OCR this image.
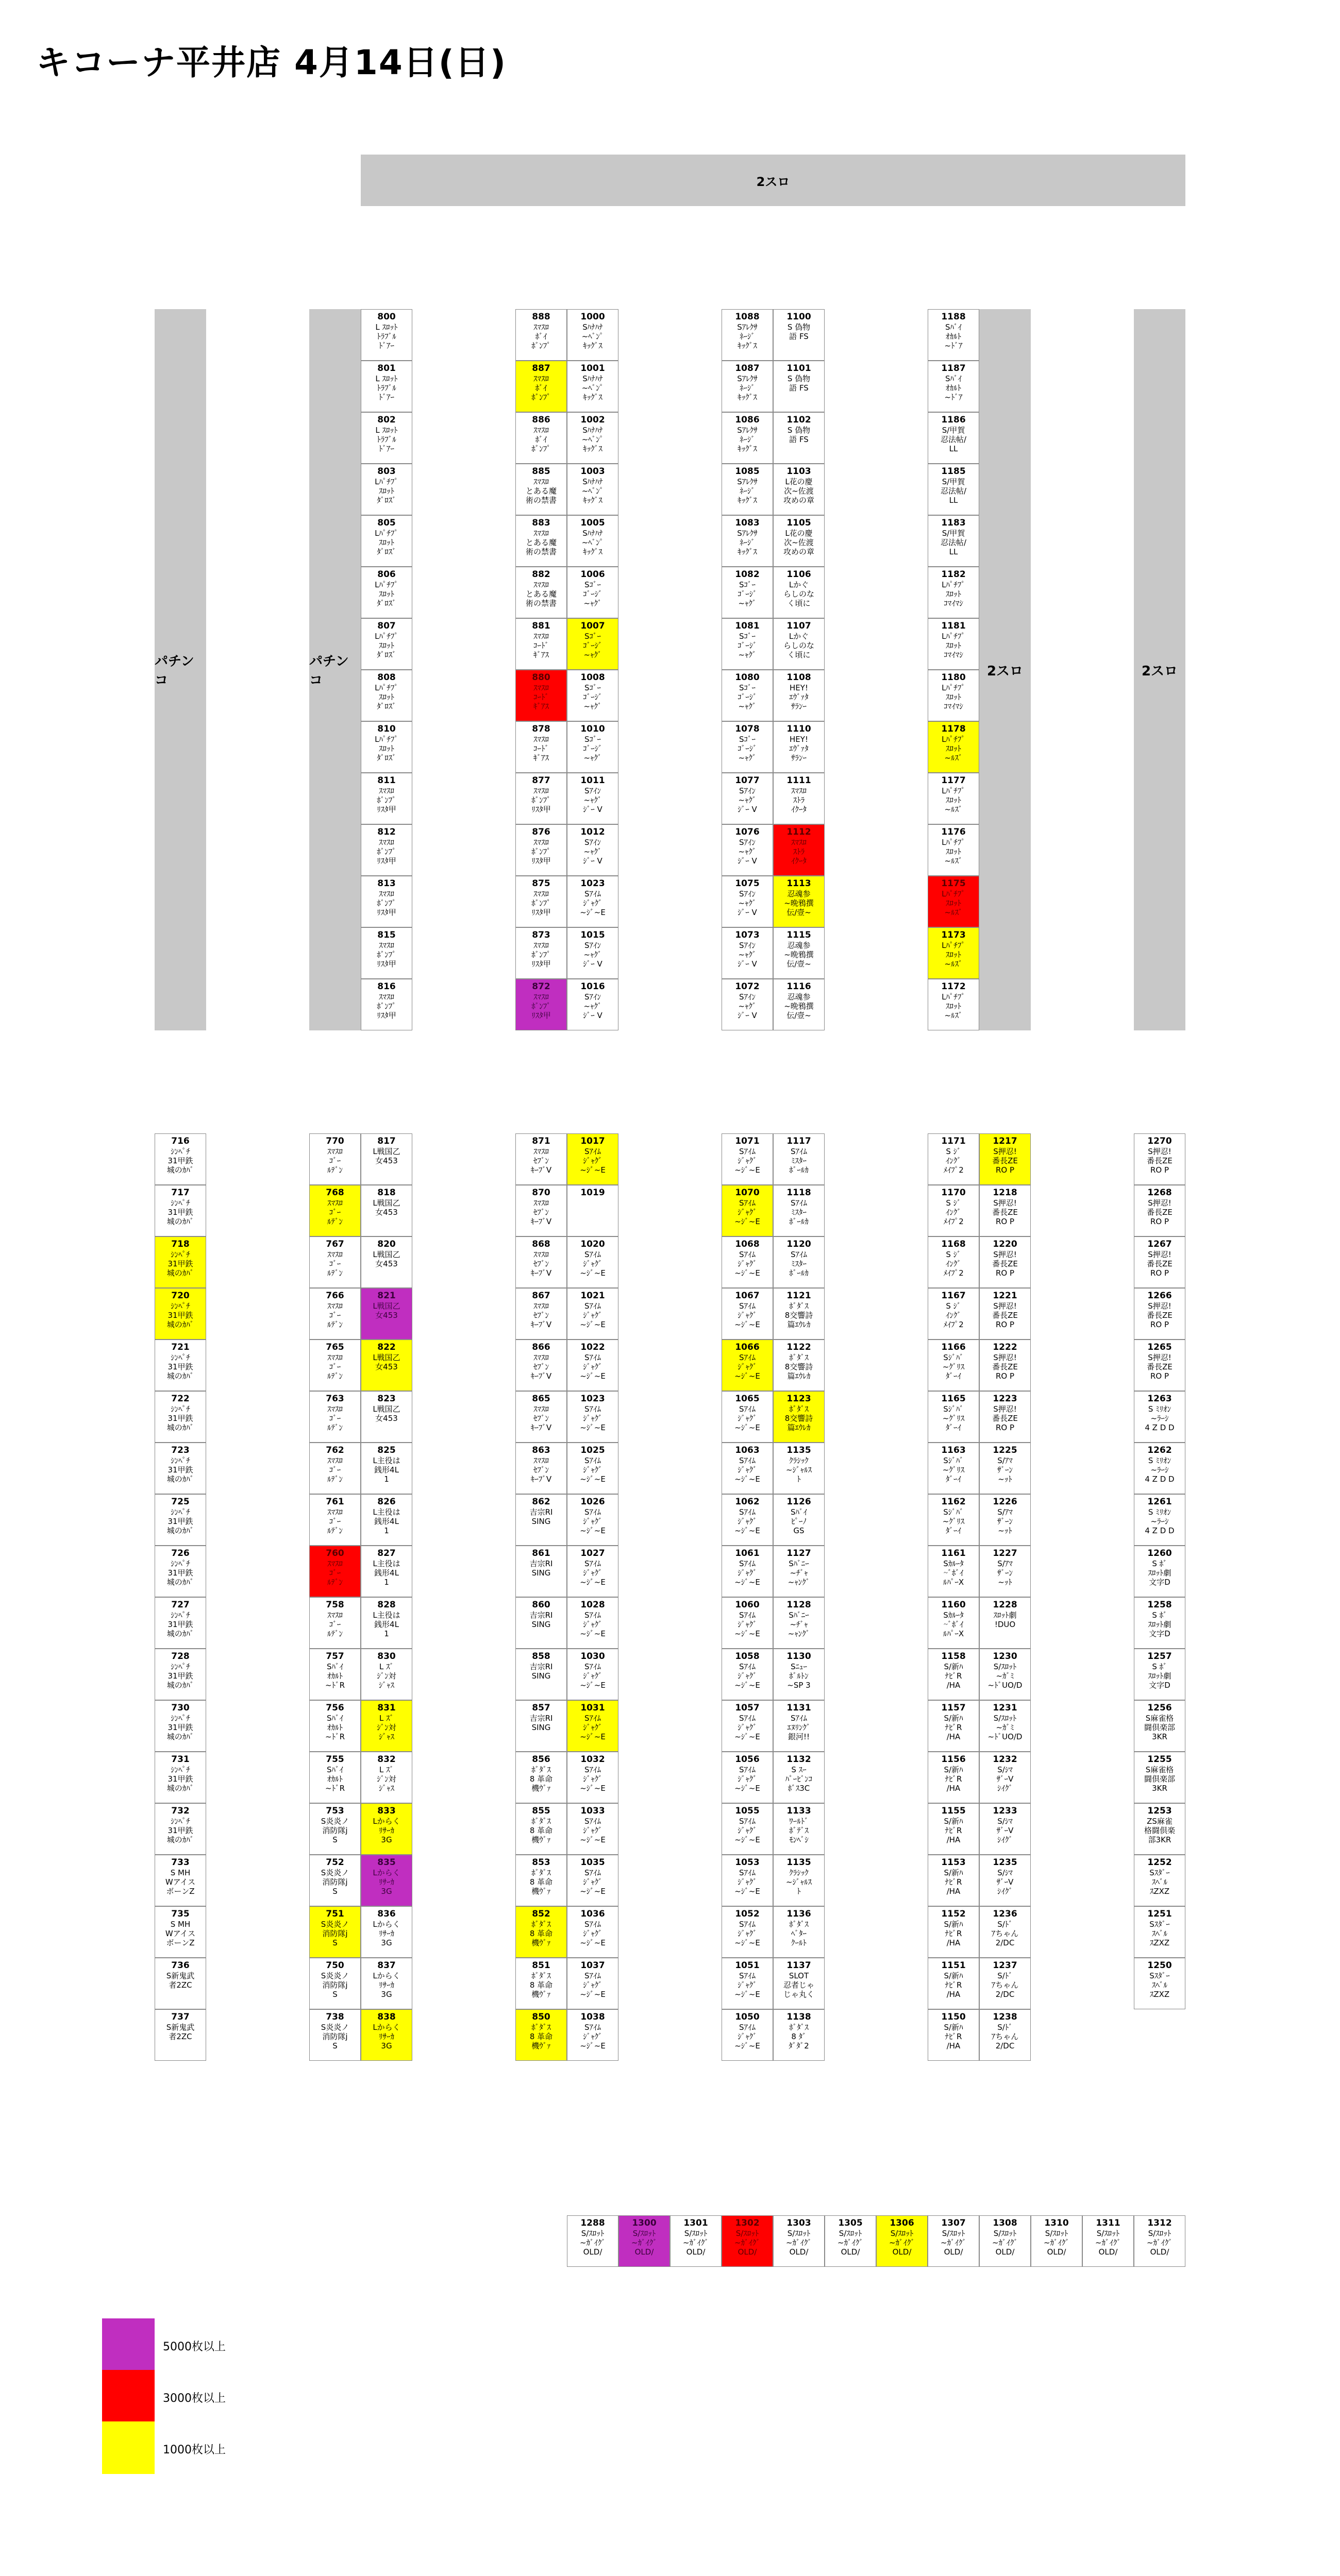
キコーナ平井店 4月14日(日)
2スロ
パチンコ
パチンコ
2スロ	2スロ
716
ｼﾝﾍﾟﾁ
31甲鉄
城のｶﾊﾞ
717
ｼﾝﾍﾟﾁ
31甲鉄
城のｶﾊﾞ
718
ｼﾝﾍﾟﾁ
31甲鉄
城のｶﾊﾞ
720
ｼﾝﾍﾟﾁ
31甲鉄
城のｶﾊﾞ
721
ｼﾝﾍﾟﾁ
31甲鉄
城のｶﾊﾞ
722
ｼﾝﾍﾟﾁ
31甲鉄
城のｶﾊﾞ
723
ｼﾝﾍﾟﾁ
31甲鉄
城のｶﾊﾞ
725
ｼﾝﾍﾟﾁ
31甲鉄
城のｶﾊﾞ
726
ｼﾝﾍﾟﾁ
31甲鉄
城のｶﾊﾞ
727
ｼﾝﾍﾟﾁ
31甲鉄
城のｶﾊﾞ
728
ｼﾝﾍﾟﾁ
31甲鉄
城のｶﾊﾞ
730
ｼﾝﾍﾟﾁ
31甲鉄
城のｶﾊﾞ
731
ｼﾝﾍﾟﾁ
31甲鉄
城のｶﾊﾞ
732
ｼﾝﾍﾟﾁ
31甲鉄
城のｶﾊﾞ
733
S MH
Wアイス
ボーンZ
735
S MH
Wアイス
ボーンZ
736
S新鬼武
者2ZC
737
S新鬼武
者2ZC
800
L ｽﾛｯﾄ
ﾄﾗﾌﾞﾙ
ﾄﾞｱｰ
801
L ｽﾛｯﾄ
ﾄﾗﾌﾞﾙ
ﾄﾞｱｰ
802
L ｽﾛｯﾄ
ﾄﾗﾌﾞﾙ
ﾄﾞｱｰ
803
Lﾊﾟﾁﾌﾟ
ｽﾛｯﾄ
ﾀﾞﾛｽﾞ
805
Lﾊﾟﾁﾌﾟ
ｽﾛｯﾄ
ﾀﾞﾛｽﾞ
806
Lﾊﾟﾁﾌﾟ
ｽﾛｯﾄ
ﾀﾞﾛｽﾞ
807
Lﾊﾟﾁﾌﾟ
ｽﾛｯﾄ
ﾀﾞﾛｽﾞ
808
Lﾊﾟﾁﾌﾟ
ｽﾛｯﾄ
ﾀﾞﾛｽﾞ
810
Lﾊﾟﾁﾌﾟ
ｽﾛｯﾄ
ﾀﾞﾛｽﾞ
811
ｽﾏｽﾛ
ﾎﾞﾝﾌﾟ
ﾘｽﾀ甲
812
ｽﾏｽﾛ
ﾎﾞﾝﾌﾟ
ﾘｽﾀ甲
813
ｽﾏｽﾛ
ﾎﾞﾝﾌﾟ
ﾘｽﾀ甲
815
ｽﾏｽﾛ
ﾎﾞﾝﾌﾟ
ﾘｽﾀ甲
816
ｽﾏｽﾛ
ﾎﾞﾝﾌﾟ
ﾘｽﾀ甲
770
ｽﾏｽﾛ
ｺﾞｰ
ﾙﾃﾞﾝ
768
ｽﾏｽﾛ
ｺﾞｰ
ﾙﾃﾞﾝ
767
ｽﾏｽﾛ
ｺﾞｰ
ﾙﾃﾞﾝ
766
ｽﾏｽﾛ
ｺﾞｰ
ﾙﾃﾞﾝ
765
ｽﾏｽﾛ
ｺﾞｰ
ﾙﾃﾞﾝ
763
ｽﾏｽﾛ
ｺﾞｰ
ﾙﾃﾞﾝ
762
ｽﾏｽﾛ
ｺﾞｰ
ﾙﾃﾞﾝ
761
ｽﾏｽﾛ
ｺﾞｰ
ﾙﾃﾞﾝ
760
ｽﾏｽﾛ
ｺﾞｰ
ﾙﾃﾞﾝ
758
ｽﾏｽﾛ
ｺﾞｰ
ﾙﾃﾞﾝ
757
Sﾊﾞｲ
ｵｶﾙﾄ
~ﾄﾞR
756
Sﾊﾞｲ
ｵｶﾙﾄ
~ﾄﾞR
755
Sﾊﾞｲ
ｵｶﾙﾄ
~ﾄﾞR
753
S炎炎ノ
消防隊j
S
752
S炎炎ノ
消防隊j
S
751
S炎炎ノ
消防隊j
S
750
S炎炎ノ
消防隊j
S
738
S炎炎ノ
消防隊j
S
817
L戦国乙
女453
818
L戦国乙
女453
820
L戦国乙
女453
821
L戦国乙
女453
822
L戦国乙
女453
823
L戦国乙
女453
825
L主役は
銭形4L
1
826
L主役は
銭形4L
1
827
L主役は
銭形4L
1
828
L主役は
銭形4L
1
830
L ｽﾞ
ｼﾞﾝ対
ｼﾞｬｽ
831
L ｽﾞ
ｼﾞﾝ対
ｼﾞｬｽ
832
L ｽﾞ
ｼﾞﾝ対
ｼﾞｬｽ
833
Lからく
ﾘｻｰｶ
3G
835
Lからく
ﾘｻｰｶ
3G
836
Lからく
ﾘｻｰｶ
3G
837
Lからく
ﾘｻｰｶ
3G
838
Lからく
ﾘｻｰｶ
3G
888
ｽﾏｽﾛ
ﾎﾞｲ
ﾎﾞﾝﾌﾟ
887
ｽﾏｽﾛ
ﾎﾞｲ
ﾎﾞﾝﾌﾟ
886
ｽﾏｽﾛ
ﾎﾞｲ
ﾎﾞﾝﾌﾟ
885
ｽﾏｽﾛ
とある魔
術の禁書
883
ｽﾏｽﾛ
とある魔
術の禁書
882
ｽﾏｽﾛ
とある魔
術の禁書
881
ｽﾏｽﾛ
ｺｰﾄﾞ
ｷﾞｱｽ
880
ｽﾏｽﾛ
ｺｰﾄﾞ
ｷﾞｱｽ
878
ｽﾏｽﾛ
ｺｰﾄﾞ
ｷﾞｱｽ
877
ｽﾏｽﾛ
ﾎﾞﾝﾌﾟ
ﾘｽﾀ甲
876
ｽﾏｽﾛ
ﾎﾞﾝﾌﾟ
ﾘｽﾀ甲
875
ｽﾏｽﾛ
ﾎﾞﾝﾌﾟ
ﾘｽﾀ甲
873
ｽﾏｽﾛ
ﾎﾞﾝﾌﾟ
ﾘｽﾀ甲
872
ｽﾏｽﾛ
ﾎﾞﾝﾌﾟ
ﾘｽﾀ甲
1000
Sﾊﾅﾊﾅ
~ﾍﾞﾝﾟ
ｷｯｸﾞｽ
1001
Sﾊﾅﾊﾅ
~ﾍﾞﾝﾟ
ｷｯｸﾞｽ
1002
Sﾊﾅﾊﾅ
~ﾍﾞﾝﾟ
ｷｯｸﾞｽ
1003
Sﾊﾅﾊﾅ
~ﾍﾞﾝﾟ
ｷｯｸﾞｽ
1005
Sﾊﾅﾊﾅ
~ﾍﾞﾝﾟ
ｷｯｸﾞｽ
1006
Sｺﾞｰ
ｺﾞｰｼﾞ
~ｬｸﾞ
1007
Sｺﾞｰ
ｺﾞｰｼﾞ
~ｬｸﾞ
1008
Sｺﾞｰ
ｺﾞｰｼﾞ
~ｬｸﾞ
1010
Sｺﾞｰ
ｺﾞｰｼﾞ
~ｬｸﾞ
1011
Sｱｲﾝ
~ｬｸﾞ
ｼﾞｰ V
1012
Sｱｲﾝ
~ｬｸﾞ
ｼﾞｰ V
1023
Sｱｲﾑ
ｼﾞｬｸﾞ
~ｼﾞ~E
1015
Sｱｲﾝ
~ｬｸﾞ
ｼﾞｰ V
1016
Sｱｲﾝ
~ｬｸﾞ
ｼﾞｰ V
871
ｽﾏｽﾛ
ｾﾌﾞﾝ
ｷｰﾌﾞV
870
ｽﾏｽﾛ
ｾﾌﾞﾝ
ｷｰﾌﾞV
868
ｽﾏｽﾛ
ｾﾌﾞﾝ
ｷｰﾌﾞV
867
ｽﾏｽﾛ
ｾﾌﾞﾝ
ｷｰﾌﾞV
866
ｽﾏｽﾛ
ｾﾌﾞﾝ
ｷｰﾌﾞV
865
ｽﾏｽﾛ
ｾﾌﾞﾝ
ｷｰﾌﾞV
863
ｽﾏｽﾛ
ｾﾌﾞﾝ
ｷｰﾌﾞV
862
吉宗RI
SING
861
吉宗RI
SING
860
吉宗RI
SING
858
吉宗RI
SING
857
吉宗RI
SING
856
ﾎﾞﾀﾞｽ
8 革命
機ｳﾞｧ
855
ﾎﾞﾀﾞｽ
8 革命
機ｳﾞｧ
853
ﾎﾞﾀﾞｽ
8 革命
機ｳﾞｧ
852
ﾎﾞﾀﾞｽ
8 革命
機ｳﾞｧ
851
ﾎﾞﾀﾞｽ
8 革命
機ｳﾞｧ
850
ﾎﾞﾀﾞｽ
8 革命
機ｳﾞｧ
1017
Sｱｲﾑ
ｼﾞｬｸﾞ
~ｼﾞ~E
1019
1020
Sｱｲﾑ
ｼﾞｬｸﾞ
~ｼﾞ~E
1021
Sｱｲﾑ
ｼﾞｬｸﾞ
~ｼﾞ~E
1022
Sｱｲﾑ
ｼﾞｬｸﾞ
~ｼﾞ~E
1023
Sｱｲﾑ
ｼﾞｬｸﾞ
~ｼﾞ~E
1025
Sｱｲﾑ
ｼﾞｬｸﾞ
~ｼﾞ~E
1026
Sｱｲﾑ
ｼﾞｬｸﾞ
~ｼﾞ~E
1027
Sｱｲﾑ
ｼﾞｬｸﾞ
~ｼﾞ~E
1028
Sｱｲﾑ
ｼﾞｬｸﾞ
~ｼﾞ~E
1030
Sｱｲﾑ
ｼﾞｬｸﾞ
~ｼﾞ~E
1031
Sｱｲﾑ
ｼﾞｬｸﾞ
~ｼﾞ~E
1032
Sｱｲﾑ
ｼﾞｬｸﾞ
~ｼﾞ~E
1033
Sｱｲﾑ
ｼﾞｬｸﾞ
~ｼﾞ~E
1035
Sｱｲﾑ
ｼﾞｬｸﾞ
~ｼﾞ~E
1036
Sｱｲﾑ
ｼﾞｬｸﾞ
~ｼﾞ~E
1037
Sｱｲﾑ
ｼﾞｬｸﾞ
~ｼﾞ~E
1038
Sｱｲﾑ
ｼﾞｬｸﾞ
~ｼﾞ~E
1088
Sｱﾚｸｻ
ﾈｰｼﾞ
ｷｯｸﾞｽ
1087
Sｱﾚｸｻ
ﾈｰｼﾞ
ｷｯｸﾞｽ
1086
Sｱﾚｸｻ
ﾈｰｼﾞ
ｷｯｸﾞｽ
1085
Sｱﾚｸｻ
ﾈｰｼﾞ
ｷｯｸﾞｽ
1083
Sｱﾚｸｻ
ﾈｰｼﾞ
ｷｯｸﾞｽ
1082
Sｺﾞｰ
ｺﾞｰｼﾞ
~ｬｸﾞ
1081
Sｺﾞｰ
ｺﾞｰｼﾞ
~ｬｸﾞ
1080
Sｺﾞｰ
ｺﾞｰｼﾞ
~ｬｸﾞ
1078
Sｺﾞｰ
ｺﾞｰｼﾞ
~ｬｸﾞ
1077
Sｱｲﾝ
~ｬｸﾞ
ｼﾞｰ V
1076
Sｱｲﾝ
~ｬｸﾞ
ｼﾞｰ V
1075
Sｱｲﾝ
~ｬｸﾞ
ｼﾞｰ V
1073
Sｱｲﾝ
~ｬｸﾞ
ｼﾞｰ V
1072
Sｱｲﾝ
~ｬｸﾞ
ｼﾞｰ V
1100
S 偽物
語 FS
1101
S 偽物
語 FS
1102
S 偽物
語 FS
1103
L花の慶
次~佐渡
攻めの章
1105
L花の慶
次~佐渡
攻めの章
1106
Lかぐ
らしのな
く頃に
1107
Lかぐ
らしのな
く頃に
1108
HEY!
ｴｳﾞｧﾀ
ｻﾗﾝｰ
1110
HEY!
ｴｳﾞｧﾀ
ｻﾗﾝｰ
1111
ｽﾏｽﾛ
ｽﾄﾗ
ｲｸｰﾀ
1112
ｽﾏｽﾛ
ｽﾄﾗ
ｲｸｰﾀ
1113
忍魂参
~晩鴉撰
伝/壹~
1115
忍魂参
~晩鴉撰
伝/壹~
1116
忍魂参
~晩鴉撰
伝/壹~
1071
Sｱｲﾑ
ｼﾞｬｸﾞ
~ｼﾞ~E
1070
Sｱｲﾑ
ｼﾞｬｸﾞ
~ｼﾞ~E
1068
Sｱｲﾑ
ｼﾞｬｸﾞ
~ｼﾞ~E
1067
Sｱｲﾑ
ｼﾞｬｸﾞ
~ｼﾞ~E
1066
Sｱｲﾑ
ｼﾞｬｸﾞ
~ｼﾞ~E
1065
Sｱｲﾑ
ｼﾞｬｸﾞ
~ｼﾞ~E
1063
Sｱｲﾑ
ｼﾞｬｸﾞ
~ｼﾞ~E
1062
Sｱｲﾑ
ｼﾞｬｸﾞ
~ｼﾞ~E
1061
Sｱｲﾑ
ｼﾞｬｸﾞ
~ｼﾞ~E
1060
Sｱｲﾑ
ｼﾞｬｸﾞ
~ｼﾞ~E
1058
Sｱｲﾑ
ｼﾞｬｸﾞ
~ｼﾞ~E
1057
Sｱｲﾑ
ｼﾞｬｸﾞ
~ｼﾞ~E
1056
Sｱｲﾑ
ｼﾞｬｸﾞ
~ｼﾞ~E
1055
Sｱｲﾑ
ｼﾞｬｸﾞ
~ｼﾞ~E
1053
Sｱｲﾑ
ｼﾞｬｸﾞ
~ｼﾞ~E
1052
Sｱｲﾑ
ｼﾞｬｸﾞ
~ｼﾞ~E
1051
Sｱｲﾑ
ｼﾞｬｸﾞ
~ｼﾞ~E
1050
Sｱｲﾑ
ｼﾞｬｸﾞ
~ｼﾞ~E
1117
Sｱｲﾑ
ﾐｽﾀｰ
ﾎﾞｰﾙｶ
1118
Sｱｲﾑ
ﾐｽﾀｰ
ﾎﾞｰﾙｶ
1120
Sｱｲﾑ
ﾐｽﾀｰ
ﾎﾞｰﾙｶ
1121
ﾎﾞﾀﾞｽ
8交響詩
篇ｴｳﾚｶ
1122
ﾎﾞﾀﾞｽ
8交響詩
篇ｴｳﾚｶ
1123
ﾎﾞﾀﾞｽ
8交響詩
篇ｴｳﾚｶ
1135
ｸﾗｼｯｸ
~ｼﾞｬﾙｽ
ﾄ
1126
Sﾊﾞｲ
ﾋﾟｰﾉ
GS
1127
Sﾊﾞﾆｰ
~ﾁﾞｬ
~ｬﾝｸﾞ
1128
Sﾊﾞﾆｰ
~ﾁﾞｬ
~ｬﾝｸﾞ
1130
Sﾆｭｰ
ﾎﾞﾙﾄﾝ
~SP 3
1131
Sｱｲﾑ
ｴﾇﾘﾝｸﾞ
銀河!!
1132
S ｽｰ
ﾊﾟｰﾋﾞﾝｺ
ﾎﾞｽ3C
1133
ﾜｰﾙﾄﾞ
ﾎﾞﾃﾞｽ
ﾓﾝﾍﾞｼ
1135
ｸﾗｼｯｸ
~ｼﾞｬﾙｽ
ﾄ
1136
ﾎﾞﾀﾞｽ
ﾍﾞﾀｰ
ｸｰﾙﾄ
1137
SLOT
忍者じゃ
じゃ丸く
1138
ﾎﾞﾀﾞｽ
8 ﾀﾞ
ﾀﾞﾀﾞ2
1188
Sﾊﾞｲ
ｵｶﾙﾄ
~ﾄﾞｱ
1187
Sﾊﾞｲ
ｵｶﾙﾄ
~ﾄﾞｱ
1186
S/甲賀
忍法帖/
LL
1185
S/甲賀
忍法帖/
LL
1183
S/甲賀
忍法帖/
LL
1182
Lﾊﾟﾁﾌﾟ
ｽﾛｯﾄ
ｺﾏｲﾏｼ
1181
Lﾊﾟﾁﾌﾟ
ｽﾛｯﾄ
ｺﾏｲﾏｼ
1180
Lﾊﾟﾁﾌﾟ
ｽﾛｯﾄ
ｺﾏｲﾏｼ
1178
Lﾊﾟﾁﾌﾟ
ｽﾛｯﾄ
~ﾙｽﾞ
1177
Lﾊﾟﾁﾌﾟ
ｽﾛｯﾄ
~ﾙｽﾞ
1176
Lﾊﾟﾁﾌﾟ
ｽﾛｯﾄ
~ﾙｽﾞ
1175
Lﾊﾟﾁﾌﾟ
ｽﾛｯﾄ
~ﾙｽﾞ
1173
Lﾊﾟﾁﾌﾟ
ｽﾛｯﾄ
~ﾙｽﾞ
1172
Lﾊﾟﾁﾌﾟ
ｽﾛｯﾄ
~ﾙｽﾞ
1171
S ｼﾞ
ｲﾝｸﾞ
ﾒｲﾌﾟ2
1170
S ｼﾞ
ｲﾝｸﾞ
ﾒｲﾌﾟ2
1168
S ｼﾞ
ｲﾝｸﾞ
ﾒｲﾌﾟ2
1167
S ｼﾞ
ｲﾝｸﾞ
ﾒｲﾌﾟ2
1166
Sｼﾞﾊﾞ
~ｸﾞﾘｽ
ﾀﾞｰｲ
1165
Sｼﾞﾊﾞ
~ｸﾞﾘｽ
ﾀﾞｰｲ
1163
Sｼﾞﾊﾞ
~ｸﾞﾘｽ
ﾀﾞｰｲ
1162
Sｼﾞﾊﾞ
~ｸﾞﾘｽ
ﾀﾞｰｲ
1161
Sｶﾙｰﾀ
~ﾞﾎﾞｲ
ﾙﾊﾟｰX
1160
Sｶﾙｰﾀ
~ﾞﾎﾞｲ
ﾙﾊﾟｰX
1158
S/新ﾊ
ﾅﾋﾞR
/HA
1157
S/新ﾊ
ﾅﾋﾞR
/HA
1156
S/新ﾊ
ﾅﾋﾞR
/HA
1155
S/新ﾊ
ﾅﾋﾞR
/HA
1153
S/新ﾊ
ﾅﾋﾞR
/HA
1152
S/新ﾊ
ﾅﾋﾞR
/HA
1151
S/新ﾊ
ﾅﾋﾞR
/HA
1150
S/新ﾊ
ﾅﾋﾞR
/HA
1217
S押忍!
番長ZE
RO P
1218
S押忍!
番長ZE
RO P
1220
S押忍!
番長ZE
RO P
1221
S押忍!
番長ZE
RO P
1222
S押忍!
番長ZE
RO P
1223
S押忍!
番長ZE
RO P
1225
S/ｱﾏ
ｻﾞｰﾝ
~ｯﾄ
1226
S/ｱﾏ
ｻﾞｰﾝ
~ｯﾄ
1227
S/ｱﾏ
ｻﾞｰﾝ
~ｯﾄ
1228
ｽﾛｯﾄ劇
!DUO
1230
S/ｽﾛｯﾄ
~ｶﾞﾐ
~ﾄﾞUO/D
1231
S/ｽﾛｯﾄ
~ｶﾞﾐ
~ﾄﾞUO/D
1232
S/ｼﾏ
ｻﾞｰV
ｼｲｸﾞ
1233
S/ｼﾏ
ｻﾞｰV
ｼｲｸﾞ
1235
S/ｼﾏ
ｻﾞｰV
ｼｲｸﾞ
1236
S/ﾄﾞ
ｱちゃん
2/DC
1237
S/ﾄﾞ
ｱちゃん
2/DC
1238
S/ﾄﾞ
ｱちゃん
2/DC
1270
S押忍!
番長ZE
RO P
1268
S押忍!
番長ZE
RO P
1267
S押忍!
番長ZE
RO P
1266
S押忍!
番長ZE
RO P
1265
S押忍!
番長ZE
RO P
1263
S ﾐﾘｵﾝ
~ﾗｰｼ
4 Z D D
1262
S ﾐﾘｵﾝ
~ﾗｰｼ
4 Z D D
1261
S ﾐﾘｵﾝ
~ﾗｰｼ
4 Z D D
1260
S ﾎﾞ
ｽﾛｯﾄ劇
文字D
1258
S ﾎﾞ
ｽﾛｯﾄ劇
文字D
1257
S ﾎﾞ
ｽﾛｯﾄ劇
文字D
1256
S麻雀格
闘倶楽部
3KR
1255
S麻雀格
闘倶楽部
3KR
1253
ZS麻雀
格闘倶楽
部3KR
1252
Sｽﾀﾞｰ
ｽﾍﾞﾙ
ｽZXZ
1251
Sｽﾀﾞｰ
ｽﾍﾞﾙ
ｽZXZ
1250
Sｽﾀﾞｰ
ｽﾍﾞﾙ
ｽZXZ
1288
S/ｽﾛｯﾄ
~ｶﾞｲｸﾞ
OLD/
1300
S/ｽﾛｯﾄ
~ｶﾞｲｸﾞ
OLD/
1301
S/ｽﾛｯﾄ
~ｶﾞｲｸﾞ
OLD/
1302
S/ｽﾛｯﾄ
~ｶﾞｲｸﾞ
OLD/
1303
S/ｽﾛｯﾄ
~ｶﾞｲｸﾞ
OLD/
1305
S/ｽﾛｯﾄ
~ｶﾞｲｸﾞ
OLD/
1306
S/ｽﾛｯﾄ
~ｶﾞｲｸﾞ
OLD/
1307
S/ｽﾛｯﾄ
~ｶﾞｲｸﾞ
OLD/
1308
S/ｽﾛｯﾄ
~ｶﾞｲｸﾞ
OLD/
1310
S/ｽﾛｯﾄ
~ｶﾞｲｸﾞ
OLD/
1311
S/ｽﾛｯﾄ
~ｶﾞｲｸﾞ
OLD/
1312
S/ｽﾛｯﾄ
~ｶﾞｲｸﾞ
OLD/
5000枚以上
3000枚以上
1000枚以上
